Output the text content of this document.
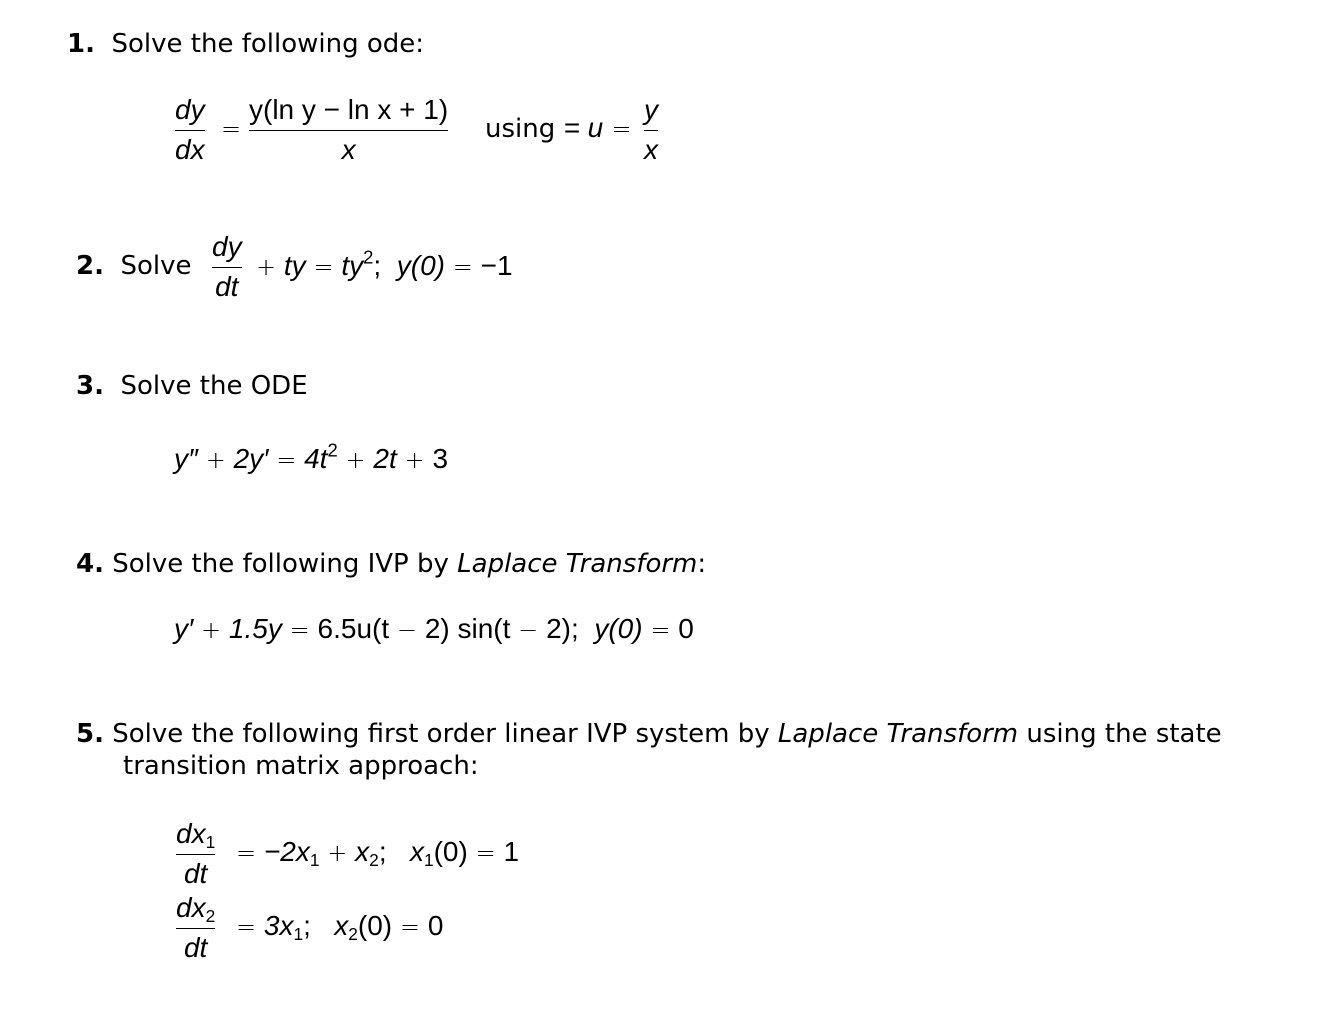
1. Solve the following ode:
dy
dx
=
y(ln y − ln x + 1)
x
using = u =
y
x
2. Solve
dy
dt
+ ty = $ty^2$; y(0) = −1
3. Solve the ODE
$y'' + 2y' = 4t^2 + 2t + 3$
4. Solve the following IVP by Laplace Transform:
y′ + 1.5y = 6.5u(t − 2) sin(t − 2); y(0) = 0
5. Solve the following first order linear IVP system by Laplace Transform using the state
transition matrix approach:
$dx_1$
dt
= $-2x_1 + x_2$; $x_1(0) = 1$
$dx_2$
dt
= $3x_1$; $x_2(0) = 0$
